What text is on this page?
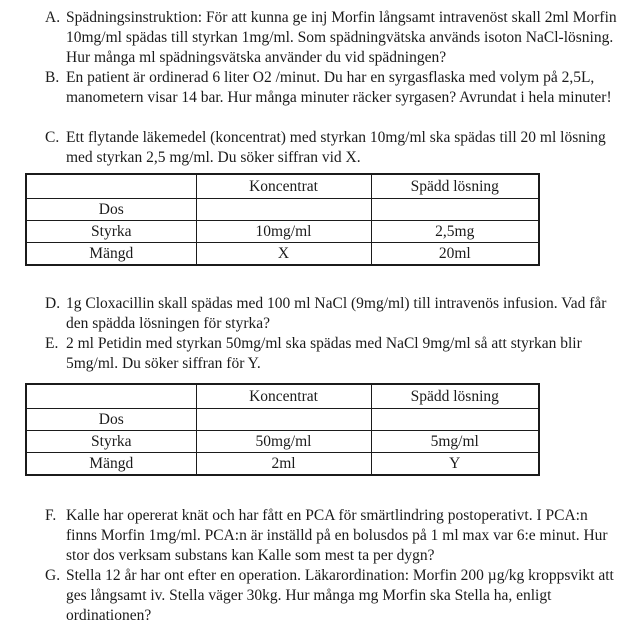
A. Spädningsinstruktion: För att kunna ge inj Morfin långsamt intravenöst skall 2ml Morfin 10mg/ml spädas till styrkan 1mg/ml. Som spädningvätska används isoton NaCl-lösning. Hur många ml spädningsvätska använder du vid spädningen?
B. En patient är ordinerad 6 liter O2 /minut. Du har en syrgasflaska med volym på 2,5L, manometern visar 14 bar. Hur många minuter räcker syrgasen? Avrundat i hela minuter!
C. Ett flytande läkemedel (koncentrat) med styrkan 10mg/ml ska spädas till 20 ml lösning med styrkan 2,5 mg/ml. Du söker siffran vid X.
	Koncentrat	Spädd lösning
Dos		
Styrka	10mg/ml	2,5mg
Mängd	X	20ml
D. 1g Cloxacillin skall spädas med 100 ml NaCl (9mg/ml) till intravenös infusion. Vad får den spädda lösningen för styrka?
E. 2 ml Petidin med styrkan 50mg/ml ska spädas med NaCl 9mg/ml så att styrkan blir 5mg/ml. Du söker siffran för Y.
	Koncentrat	Spädd lösning
Dos		
Styrka	50mg/ml	5mg/ml
Mängd	2ml	Y
F. Kalle har opererat knät och har fått en PCA för smärtlindring postoperativt. I PCA:n finns Morfin 1mg/ml. PCA:n är inställd på en bolusdos på 1 ml max var 6:e minut. Hur stor dos verksam substans kan Kalle som mest ta per dygn?
G. Stella 12 år har ont efter en operation. Läkarordination: Morfin 200 µg/kg kroppsvikt att ges långsamt iv. Stella väger 30kg. Hur många mg Morfin ska Stella ha, enligt ordinationen?
